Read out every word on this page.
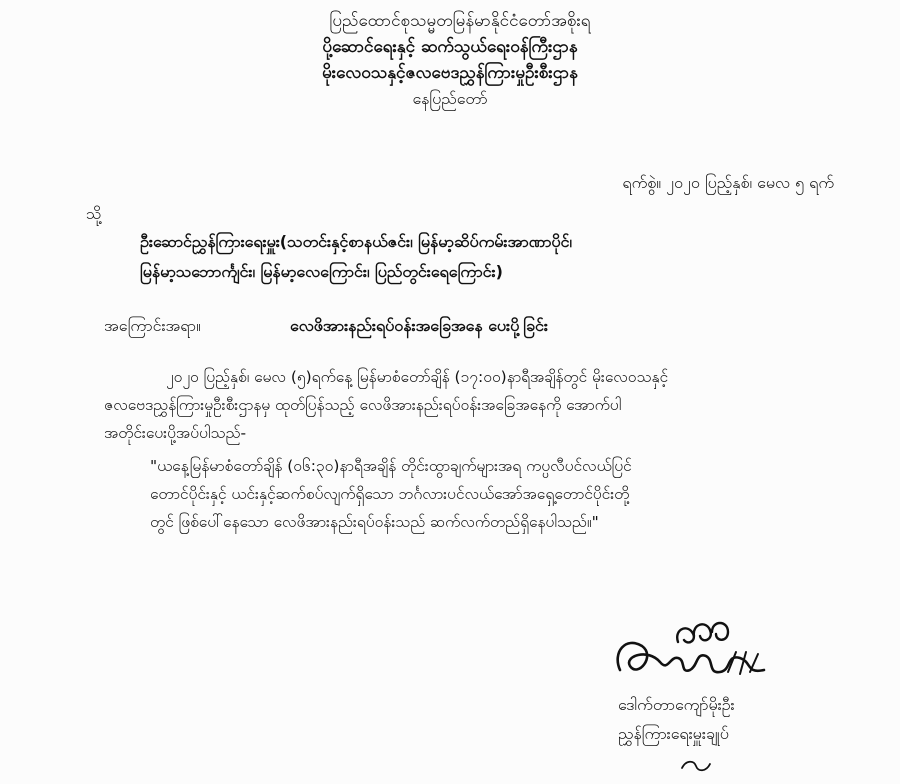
ပြည်ထောင်စုသမ္မတမြန်မာနိုင်ငံတော်အစိုးရ
ပို့ဆောင်ရေးနှင့် ဆက်သွယ်ရေးဝန်ကြီးဌာန
မိုးလေဝသနှင့်ဇလဗေဒညွှန်ကြားမှုဦးစီးဌာန
နေပြည်တော်
ရက်စွဲ။ ၂၀၂၀ ပြည့်နှစ်၊ မေလ ၅ ရက်
သို့
ဦးဆောင်ညွှန်ကြားရေးမှူး(သတင်းနှင့်စာနယ်ဇင်း၊ မြန်မာ့ဆိပ်ကမ်းအာဏာပိုင်၊
မြန်မာ့သဘောင်္ကျင်း၊ မြန်မာ့လေကြောင်း၊ ပြည်တွင်းရေကြောင်း)
အကြောင်းအရာ။	လေဖိအားနည်းရပ်ဝန်းအခြေအနေ ပေးပို့ခြင်း
၂၀၂၀ ပြည့်နှစ်၊ မေလ (၅)ရက်နေ့ မြန်မာစံတော်ချိန် (၁၇:၀၀)နာရီအချိန်တွင် မိုးလေဝသနှင့်
ဇလဗေဒညွှန်ကြားမှုဦးစီးဌာနမှ ထုတ်ပြန်သည့် လေဖိအားနည်းရပ်ဝန်းအခြေအနေကို အောက်ပါ
အတိုင်းပေးပို့အပ်ပါသည်-
"ယနေ့မြန်မာစံတော်ချိန် (၀၆:၃၀)နာရီအချိန် တိုင်းထွာချက်များအရ ကပ္ပလီပင်လယ်ပြင်
တောင်ပိုင်းနှင့် ယင်းနှင့်ဆက်စပ်လျက်ရှိသော ဘင်္ဂလားပင်လယ်အော်အရှေ့တောင်ပိုင်းတို့
တွင် ဖြစ်ပေါ်နေသော လေဖိအားနည်းရပ်ဝန်းသည် ဆက်လက်တည်ရှိနေပါသည်။"
ဒေါက်တာကျော်မိုးဦး
ညွှန်ကြားရေးမှူးချုပ်
